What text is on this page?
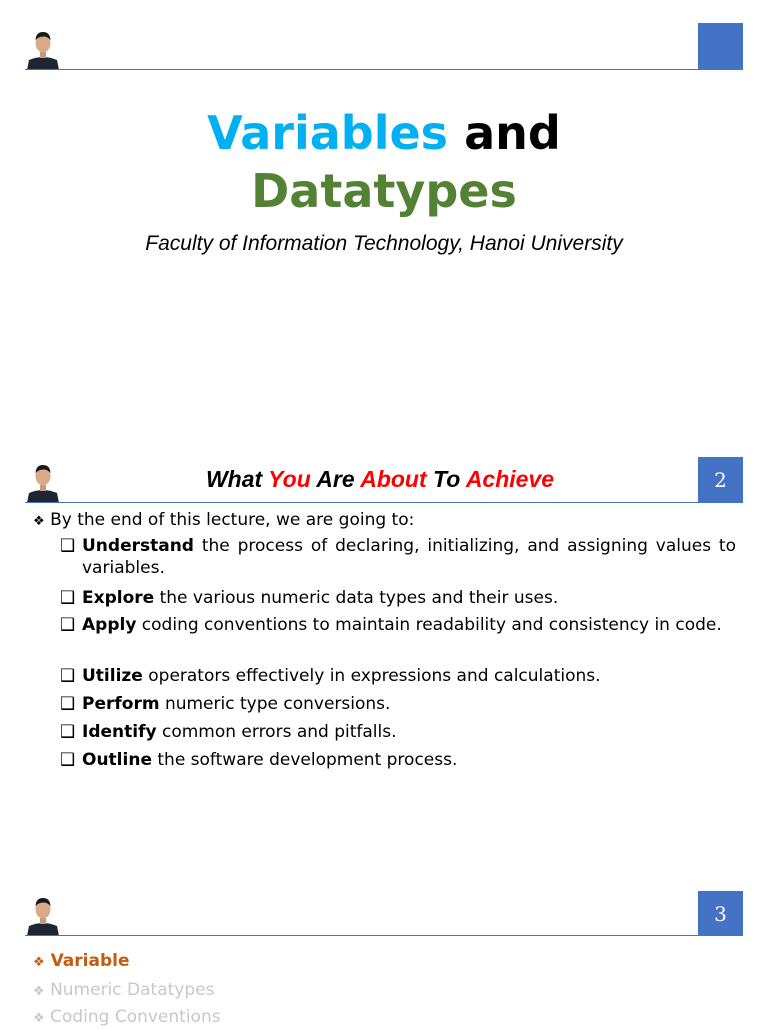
Variables and
Datatypes
Faculty of Information Technology, Hanoi University
2
What You Are About To Achieve
❖ By the end of this lecture, we are going to:
❑ Understand the process of declaring, initializing, and assigning values to variables.
❑ Explore the various numeric data types and their uses.
❑ Apply coding conventions to maintain readability and consistency in code.
❑ Utilize operators effectively in expressions and calculations.
❑ Perform numeric type conversions.
❑ Identify common errors and pitfalls.
❑ Outline the software development process.
3
❖ Variable
❖ Numeric Datatypes
❖ Coding Conventions
